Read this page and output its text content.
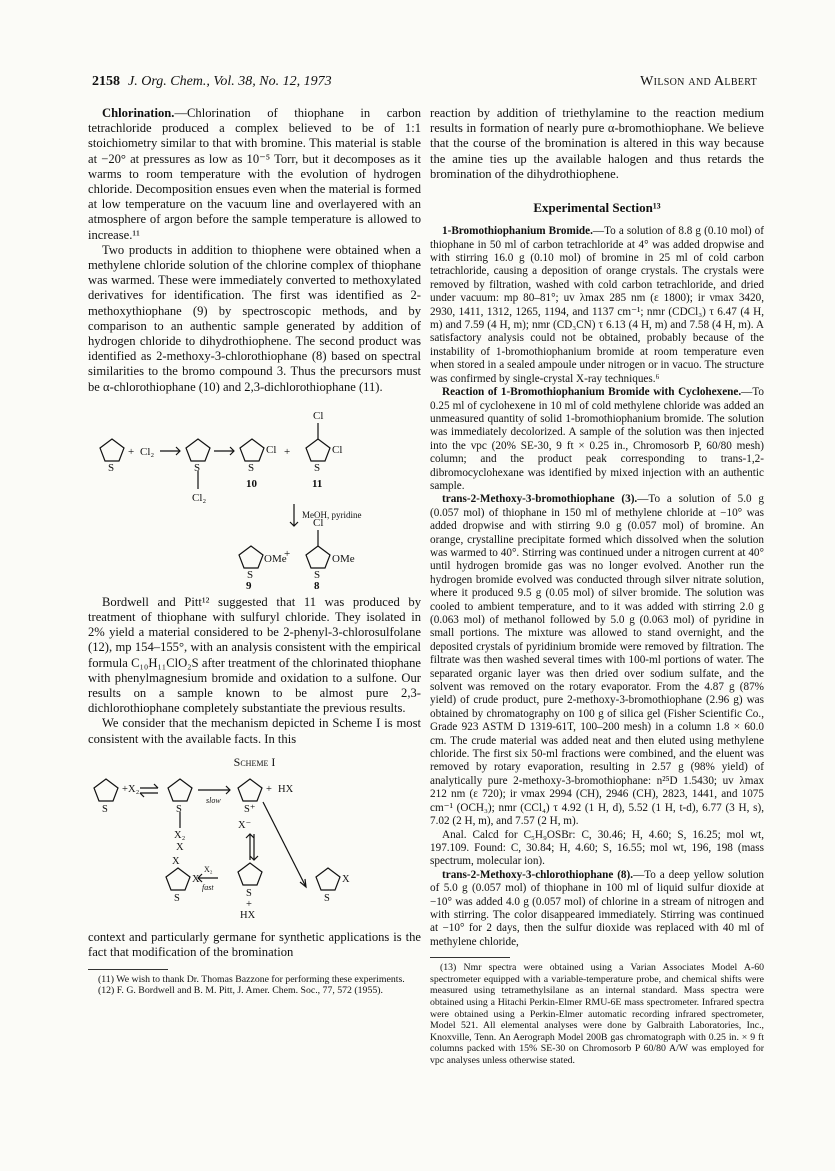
2158 J. Org. Chem., Vol. 38, No. 12, 1973	Wilson and Albert

Chlorination.—Chlorination of thiophane in carbon tetrachloride produced a complex believed to be of 1:1 stoichiometry similar to that with bromine. This material is stable at −20° at pressures as low as 10⁻⁵ Torr, but it decomposes as it warms to room temperature with the evolution of hydrogen chloride. Decomposition ensues even when the material is formed at low temperature on the vacuum line and overlayered with an atmosphere of argon before the sample temperature is allowed to increase.¹¹

Two products in addition to thiophene were obtained when a methylene chloride solution of the chlorine complex of thiophane was warmed. These were immediately converted to methoxylated derivatives for identification. The first was identified as 2-methoxythiophane (9) by spectroscopic methods, and by comparison to an authentic sample generated by addition of hydrogen chloride to dihydrothiophene. The second product was identified as 2-methoxy-3-chlorothiophane (8) based on spectral similarities to the bromo compound 3. Thus the precursors must be α-chlorothiophane (10) and 2,3-dichlorothiophane (11).

S
+ Cl₂
S
Cl₂
S
Cl +
S
Cl
Cl
10	11
MeOH, pyridine
S
OMe
+
S
OMe
Cl
9	8

Bordwell and Pitt¹² suggested that 11 was produced by treatment of thiophane with sulfuryl chloride. They isolated in 2% yield a material considered to be 2-phenyl-3-chlorosulfolane (12), mp 154–155°, with an analysis consistent with the empirical formula C₁₀H₁₁ClO₂S after treatment of the chlorinated thiophane with phenylmagnesium bromide and oxidation to a sulfone. Our results on a sample known to be almost pure 2,3-dichlorothiophane completely substantiate the previous results.

We consider that the mechanism depicted in Scheme I is most consistent with the available facts. In this

Scheme I
S
+ X₂
S
X₂
X
slow
S⁺
+ HX
X⁻
S
X
X
X₂
fast
S
+
HX
S
X

context and particularly germane for synthetic applications is the fact that modification of the bromination

(11) We wish to thank Dr. Thomas Bazzone for performing these experiments.

(12) F. G. Bordwell and B. M. Pitt, J. Amer. Chem. Soc., 77, 572 (1955).

reaction by addition of triethylamine to the reaction medium results in formation of nearly pure α-bromothiophane. We believe that the course of the bromination is altered in this way because the amine ties up the available halogen and thus retards the bromination of the dihydrothiophene.

Experimental Section¹³

1-Bromothiophanium Bromide.—To a solution of 8.8 g (0.10 mol) of thiophane in 50 ml of carbon tetrachloride at 4° was added dropwise and with stirring 16.0 g (0.10 mol) of bromine in 25 ml of cold carbon tetrachloride, causing a deposition of orange crystals. The crystals were removed by filtration, washed with cold carbon tetrachloride, and dried under vacuum: mp 80–81°; uv λmax 285 nm (ε 1800); ir νmax 3420, 2930, 1411, 1312, 1265, 1194, and 1137 cm⁻¹; nmr (CDCl₃) τ 6.47 (4 H, m) and 7.59 (4 H, m); nmr (CD₃CN) τ 6.13 (4 H, m) and 7.58 (4 H, m). A satisfactory analysis could not be obtained, probably because of the instability of 1-bromothiophanium bromide at room temperature even when stored in a sealed ampoule under nitrogen or in vacuo. The structure was confirmed by single-crystal X-ray techniques.⁶

Reaction of 1-Bromothiophanium Bromide with Cyclohexene.—To 0.25 ml of cyclohexene in 10 ml of cold methylene chloride was added an unmeasured quantity of solid 1-bromothiophanium bromide. The solution was immediately decolorized. A sample of the solution was then injected into the vpc (20% SE-30, 9 ft × 0.25 in., Chromosorb P, 60/80 mesh) column; and the product peak corresponding to trans-1,2-dibromocyclohexane was identified by mixed injection with an authentic sample.

trans-2-Methoxy-3-bromothiophane (3).—To a solution of 5.0 g (0.057 mol) of thiophane in 150 ml of methylene chloride at −10° was added dropwise and with stirring 9.0 g (0.057 mol) of bromine. An orange, crystalline precipitate formed which dissolved when the solution was warmed to 40°. Stirring was continued under a nitrogen current at 40° until hydrogen bromide gas was no longer evolved. Another run the hydrogen bromide evolved was conducted through silver nitrate solution, where it produced 9.5 g (0.05 mol) of silver bromide. The solution was cooled to ambient temperature, and to it was added with stirring 2.0 g (0.063 mol) of methanol followed by 5.0 g (0.063 mol) of pyridine in small portions. The mixture was allowed to stand overnight, and the deposited crystals of pyridinium bromide were removed by filtration. The filtrate was then washed several times with 100-ml portions of water. The separated organic layer was then dried over sodium sulfate, and the solvent was removed on the rotary evaporator. From the 4.87 g (87% yield) of crude product, pure 2-methoxy-3-bromothiophane (2.96 g) was obtained by chromatography on 100 g of silica gel (Fisher Scientific Co., Grade 923 ASTM D 1319-61T, 100–200 mesh) in a column 1.8 × 60.0 cm. The crude material was added neat and then eluted using methylene chloride. The first six 50-ml fractions were combined, and the eluent was removed by rotary evaporation, resulting in 2.57 g (98% yield) of analytically pure 2-methoxy-3-bromothiophane: n²⁵D 1.5430; uv λmax 212 nm (ε 720); ir νmax 2994 (CH), 2946 (CH), 2823, 1441, and 1075 cm⁻¹ (OCH₃); nmr (CCl₄) τ 4.92 (1 H, d), 5.52 (1 H, t-d), 6.77 (3 H, s), 7.02 (2 H, m), and 7.57 (2 H, m).

Anal. Calcd for C₅H₉OSBr: C, 30.46; H, 4.60; S, 16.25; mol wt, 197.109. Found: C, 30.84; H, 4.60; S, 16.55; mol wt, 196, 198 (mass spectrum, molecular ion).

trans-2-Methoxy-3-chlorothiophane (8).—To a deep yellow solution of 5.0 g (0.057 mol) of thiophane in 100 ml of liquid sulfur dioxide at −10° was added 4.0 g (0.057 mol) of chlorine in a stream of nitrogen and with stirring. The color disappeared immediately. Stirring was continued at −10° for 2 days, then the sulfur dioxide was replaced with 40 ml of methylene chloride,

(13) Nmr spectra were obtained using a Varian Associates Model A-60 spectrometer equipped with a variable-temperature probe, and chemical shifts were measured using tetramethylsilane as an internal standard. Mass spectra were obtained using a Hitachi Perkin-Elmer RMU-6E mass spectrometer. Infrared spectra were obtained using a Perkin-Elmer automatic recording infrared spectrometer, Model 521. All elemental analyses were done by Galbraith Laboratories, Inc., Knoxville, Tenn. An Aerograph Model 200B gas chromatograph with 0.25 in. × 9 ft columns packed with 15% SE-30 on Chromosorb P 60/80 A/W was employed for vpc analyses unless otherwise stated.
